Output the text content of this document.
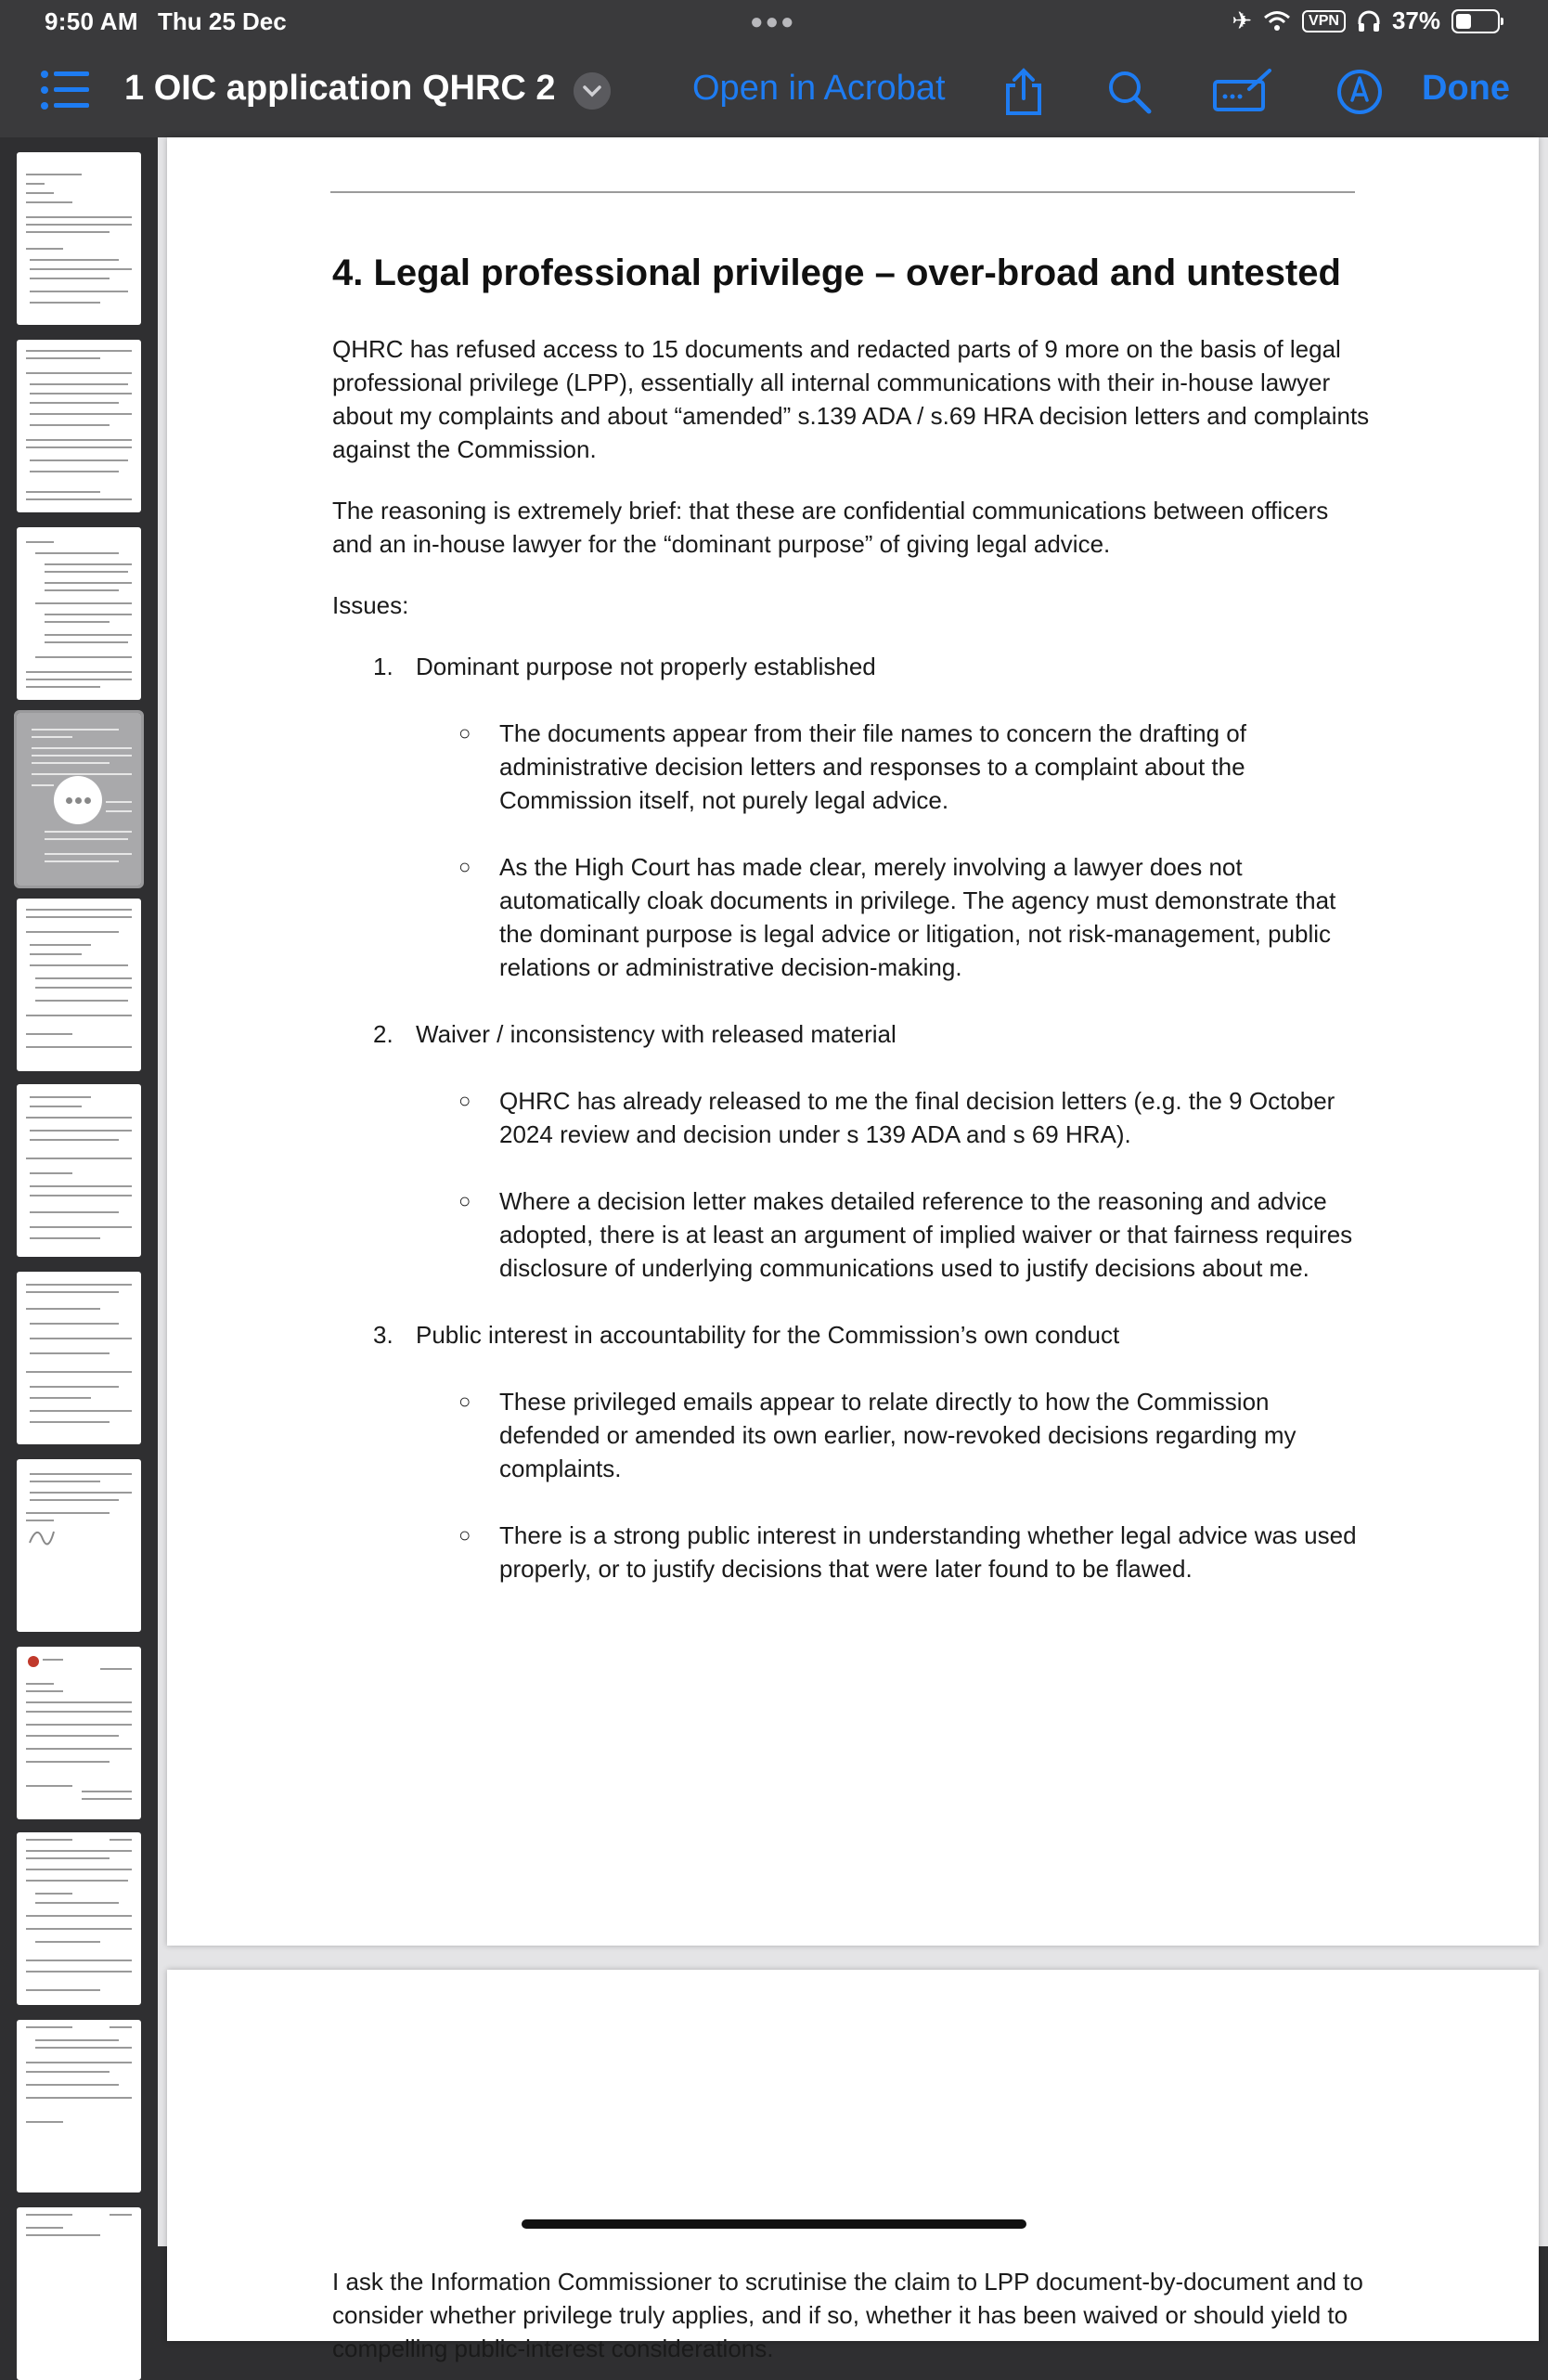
9:50 AM Thu 25 Dec	●●●	✈	VPN 37%
1 OIC application QHRC 2	Open in Acrobat	Done
4. Legal professional privilege – over-broad and untested

QHRC has refused access to 15 documents and redacted parts of 9 more on the basis of legal professional privilege (LPP), essentially all internal communications with their in-house lawyer about my complaints and about “amended” s.139 ADA / s.69 HRA decision letters and complaints against the Commission.

The reasoning is extremely brief: that these are confidential communications between officers and an in-house lawyer for the “dominant purpose” of giving legal advice.

Issues:

1. Dominant purpose not properly established
○ The documents appear from their file names to concern the drafting of administrative decision letters and responses to a complaint about the Commission itself, not purely legal advice.
○ As the High Court has made clear, merely involving a lawyer does not automatically cloak documents in privilege. The agency must demonstrate that the dominant purpose is legal advice or litigation, not risk-management, public relations or administrative decision-making.
2. Waiver / inconsistency with released material
○ QHRC has already released to me the final decision letters (e.g. the 9 October 2024 review and decision under s 139 ADA and s 69 HRA).
○ Where a decision letter makes detailed reference to the reasoning and advice adopted, there is at least an argument of implied waiver or that fairness requires disclosure of underlying communications used to justify decisions about me.
3. Public interest in accountability for the Commission’s own conduct
○ These privileged emails appear to relate directly to how the Commission defended or amended its own earlier, now-revoked decisions regarding my complaints.
○ There is a strong public interest in understanding whether legal advice was used properly, or to justify decisions that were later found to be flawed.

I ask the Information Commissioner to scrutinise the claim to LPP document-by-document and to consider whether privilege truly applies, and if so, whether it has been waived or should yield to compelling public-interest considerations.
